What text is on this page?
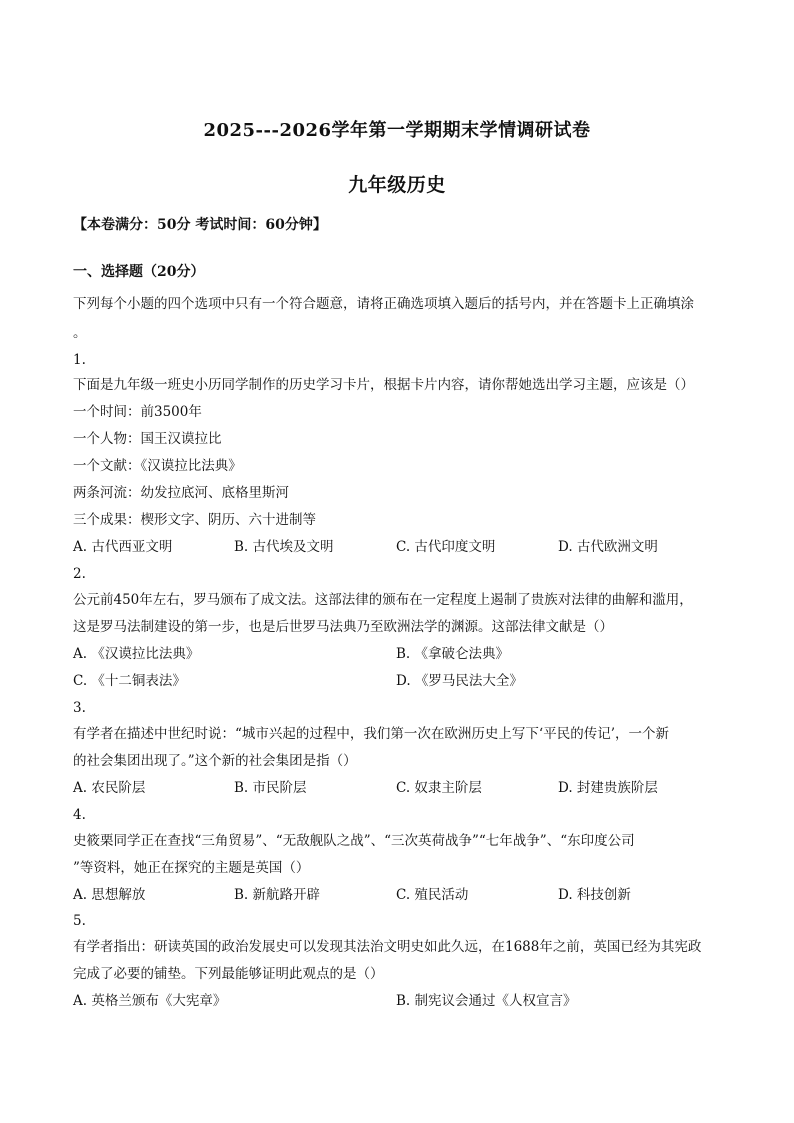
2025---2026学年第一学期期末学情调研试卷
九年级历史
【本卷满分：50分 考试时间：60分钟】
一、选择题（20分）
下列每个小题的四个选项中只有一个符合题意，请将正确选项填入题后的括号内，并在答题卡上正确填涂
。
1.
下面是九年级一班史小历同学制作的历史学习卡片，根据卡片内容，请你帮她选出学习主题，应该是（）
一个时间：前3500年
一个人物：国王汉谟拉比
一个文献：《汉谟拉比法典》
两条河流：幼发拉底河、底格里斯河
三个成果：楔形文字、阴历、六十进制等
A. 古代西亚文明	B. 古代埃及文明	C. 古代印度文明	D. 古代欧洲文明
2.
公元前450年左右，罗马颁布了成文法。这部法律的颁布在一定程度上遏制了贵族对法律的曲解和滥用，
这是罗马法制建设的第一步，也是后世罗马法典乃至欧洲法学的渊源。这部法律文献是（）
A. 《汉谟拉比法典》	B. 《拿破仑法典》
C. 《十二铜表法》	D. 《罗马民法大全》
3.
有学者在描述中世纪时说：“城市兴起的过程中，我们第一次在欧洲历史上写下‘平民的传记’，一个新
的社会集团出现了。”这个新的社会集团是指（）
A. 农民阶层	B. 市民阶层	C. 奴隶主阶层	D. 封建贵族阶层
4.
史筱栗同学正在查找“三角贸易”、“无敌舰队之战”、“三次英荷战争”“七年战争”、“东印度公司
”等资料，她正在探究的主题是英国（）
A. 思想解放	B. 新航路开辟	C. 殖民活动	D. 科技创新
5.
有学者指出：研读英国的政治发展史可以发现其法治文明史如此久远，在1688年之前，英国已经为其宪政
完成了必要的铺垫。下列最能够证明此观点的是（）
A. 英格兰颁布《大宪章》	B. 制宪议会通过《人权宣言》
